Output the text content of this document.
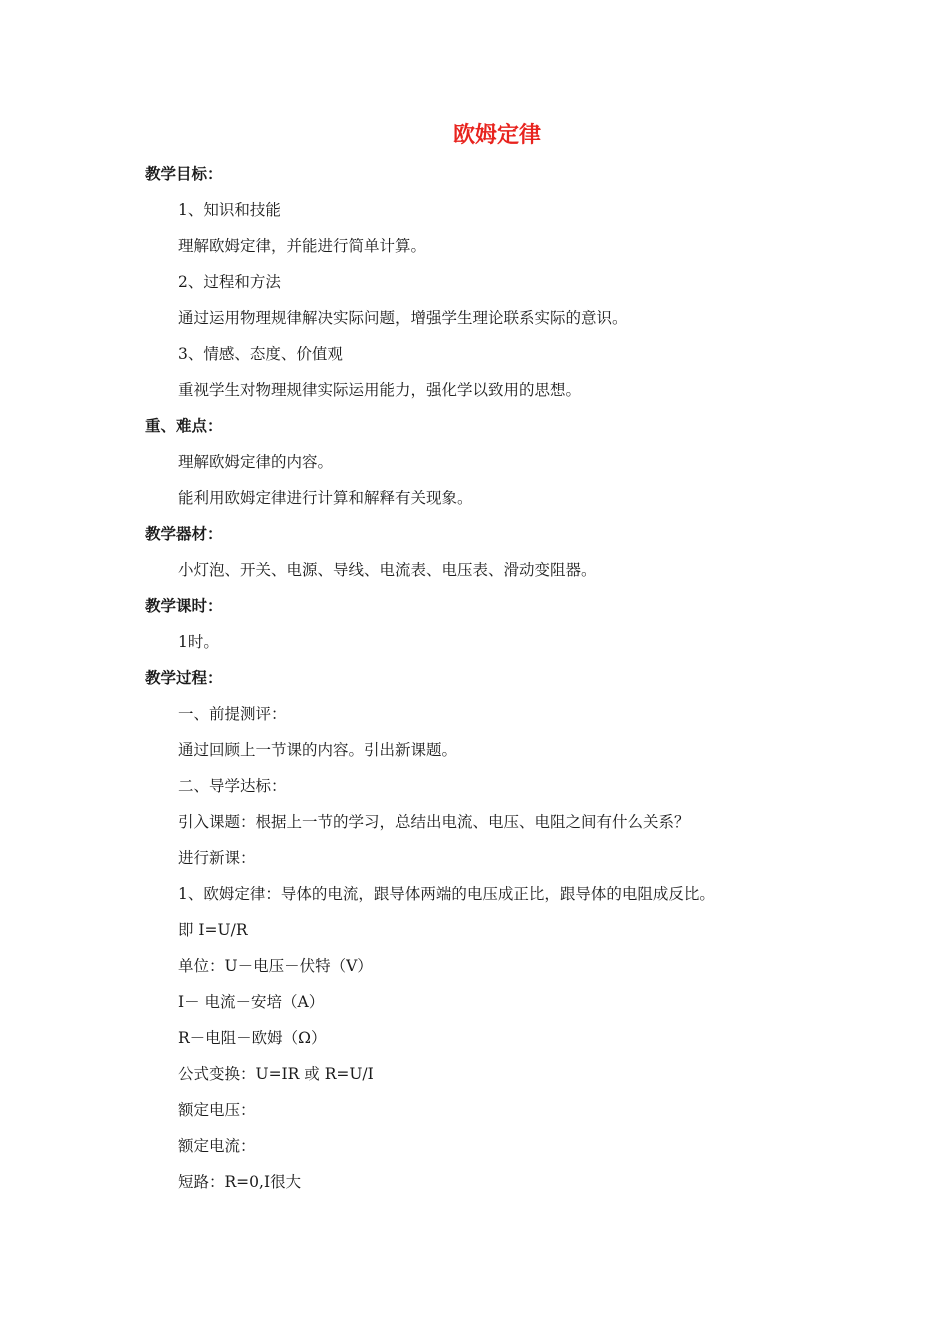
欧姆定律
教学目标：
1、知识和技能
理解欧姆定律，并能进行简单计算。
2、过程和方法
通过运用物理规律解决实际问题，增强学生理论联系实际的意识。
3、情感、态度、价值观
重视学生对物理规律实际运用能力，强化学以致用的思想。
重、难点：
理解欧姆定律的内容。
能利用欧姆定律进行计算和解释有关现象。
教学器材：
小灯泡、开关、电源、导线、电流表、电压表、滑动变阻器。
教学课时：
1时。
教学过程：
一、前提测评：
通过回顾上一节课的内容。引出新课题。
二、导学达标：
引入课题：根据上一节的学习，总结出电流、电压、电阻之间有什么关系？
进行新课：
1、欧姆定律：导体的电流，跟导体两端的电压成正比，跟导体的电阻成反比。
即 I=U/R
单位：U－电压－伏特（V）
I－ 电流－安培（A）
R－电阻－欧姆（Ω）
公式变换：U=IR 或 R=U/I
额定电压：
额定电流：
短路：R=0,I很大
